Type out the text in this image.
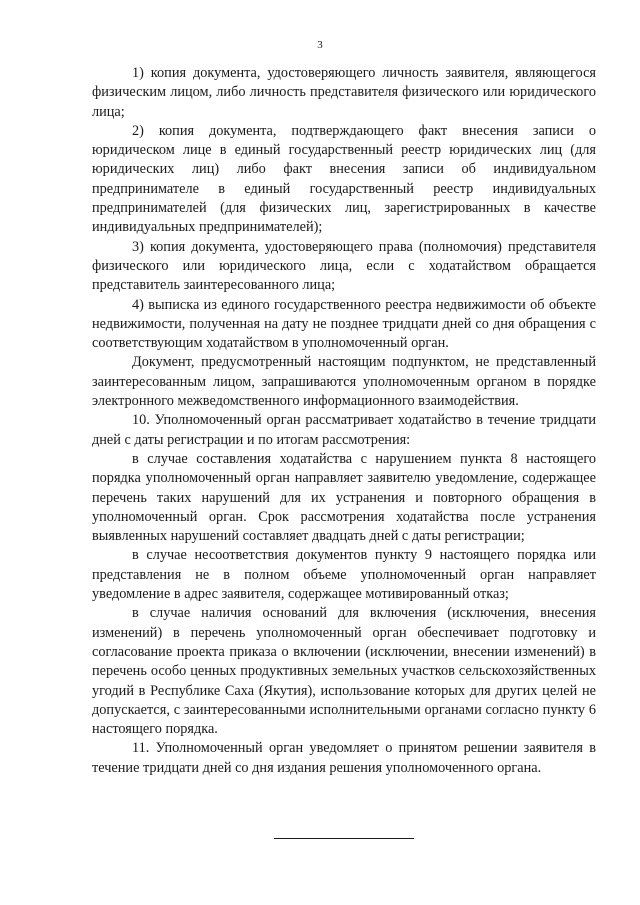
3

1) копия документа, удостоверяющего личность заявителя, являющегося физическим лицом, либо личность представителя физического или юридического лица;

2) копия документа, подтверждающего факт внесения записи о юридическом лице в единый государственный реестр юридических лиц (для юридических лиц) либо факт внесения записи об индивидуальном предпринимателе в единый государственный реестр индивидуальных предпринимателей (для физических лиц, зарегистрированных в качестве индивидуальных предпринимателей);

3) копия документа, удостоверяющего права (полномочия) представителя физического или юридического лица, если с ходатайством обращается представитель заинтересованного лица;

4) выписка из единого государственного реестра недвижимости об объекте недвижимости, полученная на дату не позднее тридцати дней со дня обращения с соответствующим ходатайством в уполномоченный орган.

Документ, предусмотренный настоящим подпунктом, не представленный заинтересованным лицом, запрашиваются уполномоченным органом в порядке электронного межведомственного информационного взаимодействия.

10. Уполномоченный орган рассматривает ходатайство в течение тридцати дней с даты регистрации и по итогам рассмотрения:

в случае составления ходатайства с нарушением пункта 8 настоящего порядка уполномоченный орган направляет заявителю уведомление, содержащее перечень таких нарушений для их устранения и повторного обращения в уполномоченный орган. Срок рассмотрения ходатайства после устранения выявленных нарушений составляет двадцать дней с даты регистрации;

в случае несоответствия документов пункту 9 настоящего порядка или представления не в полном объеме уполномоченный орган направляет уведомление в адрес заявителя, содержащее мотивированный отказ;

в случае наличия оснований для включения (исключения, внесения изменений) в перечень уполномоченный орган обеспечивает подготовку и согласование проекта приказа о включении (исключении, внесении изменений) в перечень особо ценных продуктивных земельных участков сельскохозяйственных угодий в Республике Саха (Якутия), использование которых для других целей не допускается, с заинтересованными исполнительными органами согласно пункту 6 настоящего порядка.

11. Уполномоченный орган уведомляет о принятом решении заявителя в течение тридцати дней со дня издания решения уполномоченного органа.
